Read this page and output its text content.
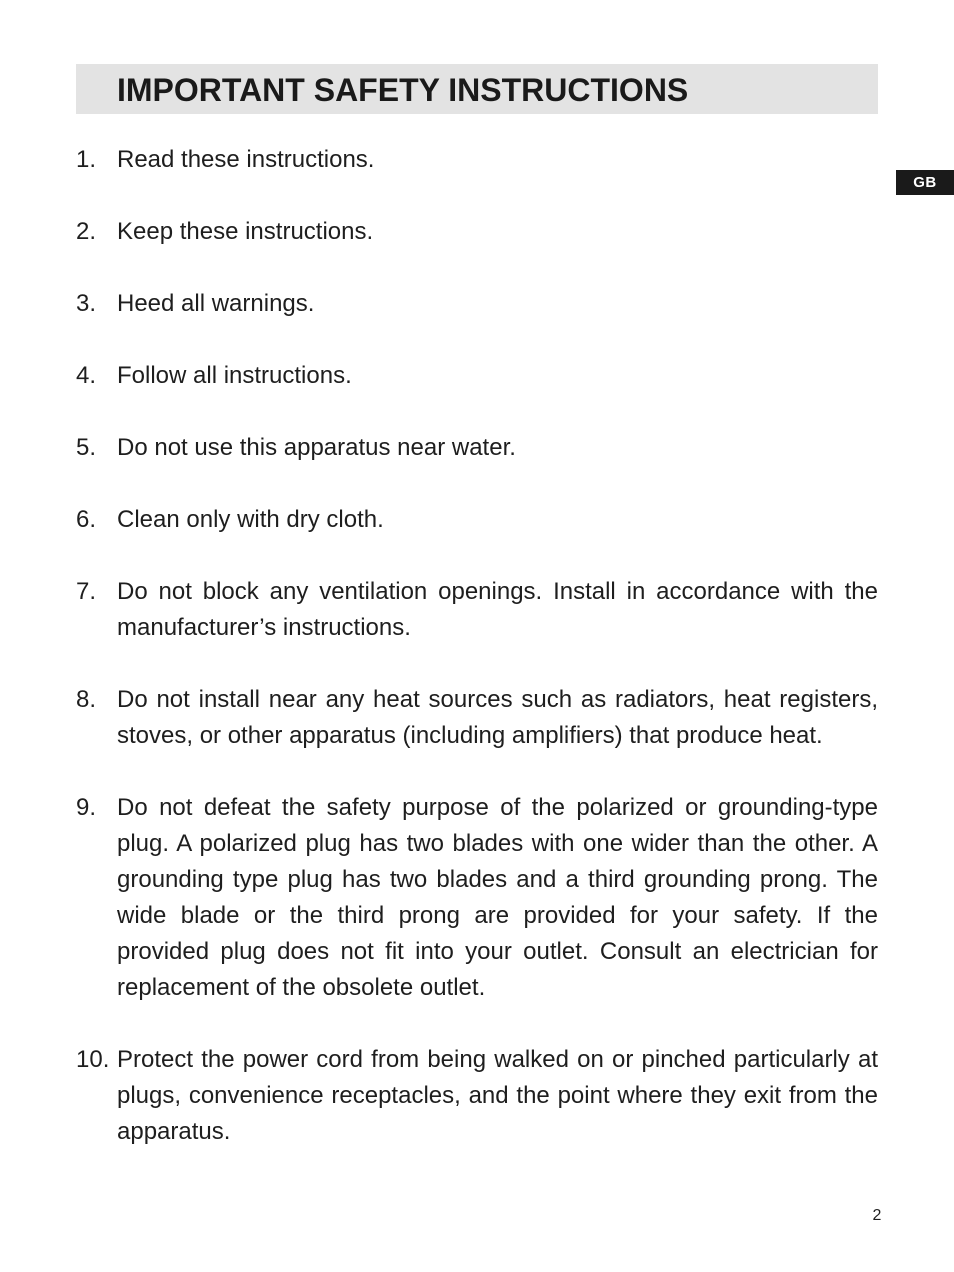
IMPORTANT SAFETY INSTRUCTIONS
GB
1. Read these instructions.
2. Keep these instructions.
3. Heed all warnings.
4. Follow all instructions.
5. Do not use this apparatus near water.
6. Clean only with dry cloth.
7. Do not block any ventilation openings. Install in accordance with the manufacturer’s instructions.
8. Do not install near any heat sources such as radiators, heat registers, stoves, or other apparatus (including amplifiers) that produce heat.
9. Do not defeat the safety purpose of the polarized or grounding-type plug. A polarized plug has two blades with one wider than the other. A grounding type plug has two blades and a third grounding prong. The wide blade or the third prong are provided for your safety. If the provided plug does not fit into your outlet. Consult an electrician for replacement of the obsolete outlet.
10. Protect the power cord from being walked on or pinched particularly at plugs, convenience receptacles, and the point where they exit from the apparatus.
2
